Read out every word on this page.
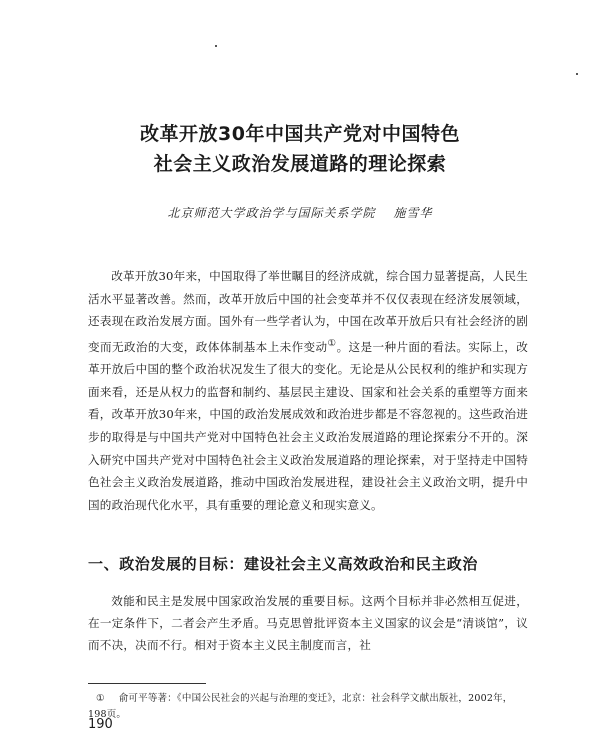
改革开放30年中国共产党对中国特色
社会主义政治发展道路的理论探索
北京师范大学政治学与国际关系学院 施雪华
改革开放30年来，中国取得了举世瞩目的经济成就，综合国力显著提高，人民生活水平显著改善。然而，改革开放后中国的社会变革并不仅仅表现在经济发展领域，还表现在政治发展方面。国外有一些学者认为，中国在改革开放后只有社会经济的剧变而无政治的大变，政体体制基本上未作变动①。这是一种片面的看法。实际上，改革开放后中国的整个政治状况发生了很大的变化。无论是从公民权利的维护和实现方面来看，还是从权力的监督和制约、基层民主建设、国家和社会关系的重塑等方面来看，改革开放30年来，中国的政治发展成效和政治进步都是不容忽视的。这些政治进步的取得是与中国共产党对中国特色社会主义政治发展道路的理论探索分不开的。深入研究中国共产党对中国特色社会主义政治发展道路的理论探索，对于坚持走中国特色社会主义政治发展道路，推动中国政治发展进程，建设社会主义政治文明，提升中国的政治现代化水平，具有重要的理论意义和现实意义。
一、政治发展的目标：建设社会主义高效政治和民主政治
效能和民主是发展中国家政治发展的重要目标。这两个目标并非必然相互促进，在一定条件下，二者会产生矛盾。马克思曾批评资本主义国家的议会是“清谈馆”，议而不决，决而不行。相对于资本主义民主制度而言，社
① 俞可平等著：《中国公民社会的兴起与治理的变迁》，北京：社会科学文献出版社，2002年，198页。
190
